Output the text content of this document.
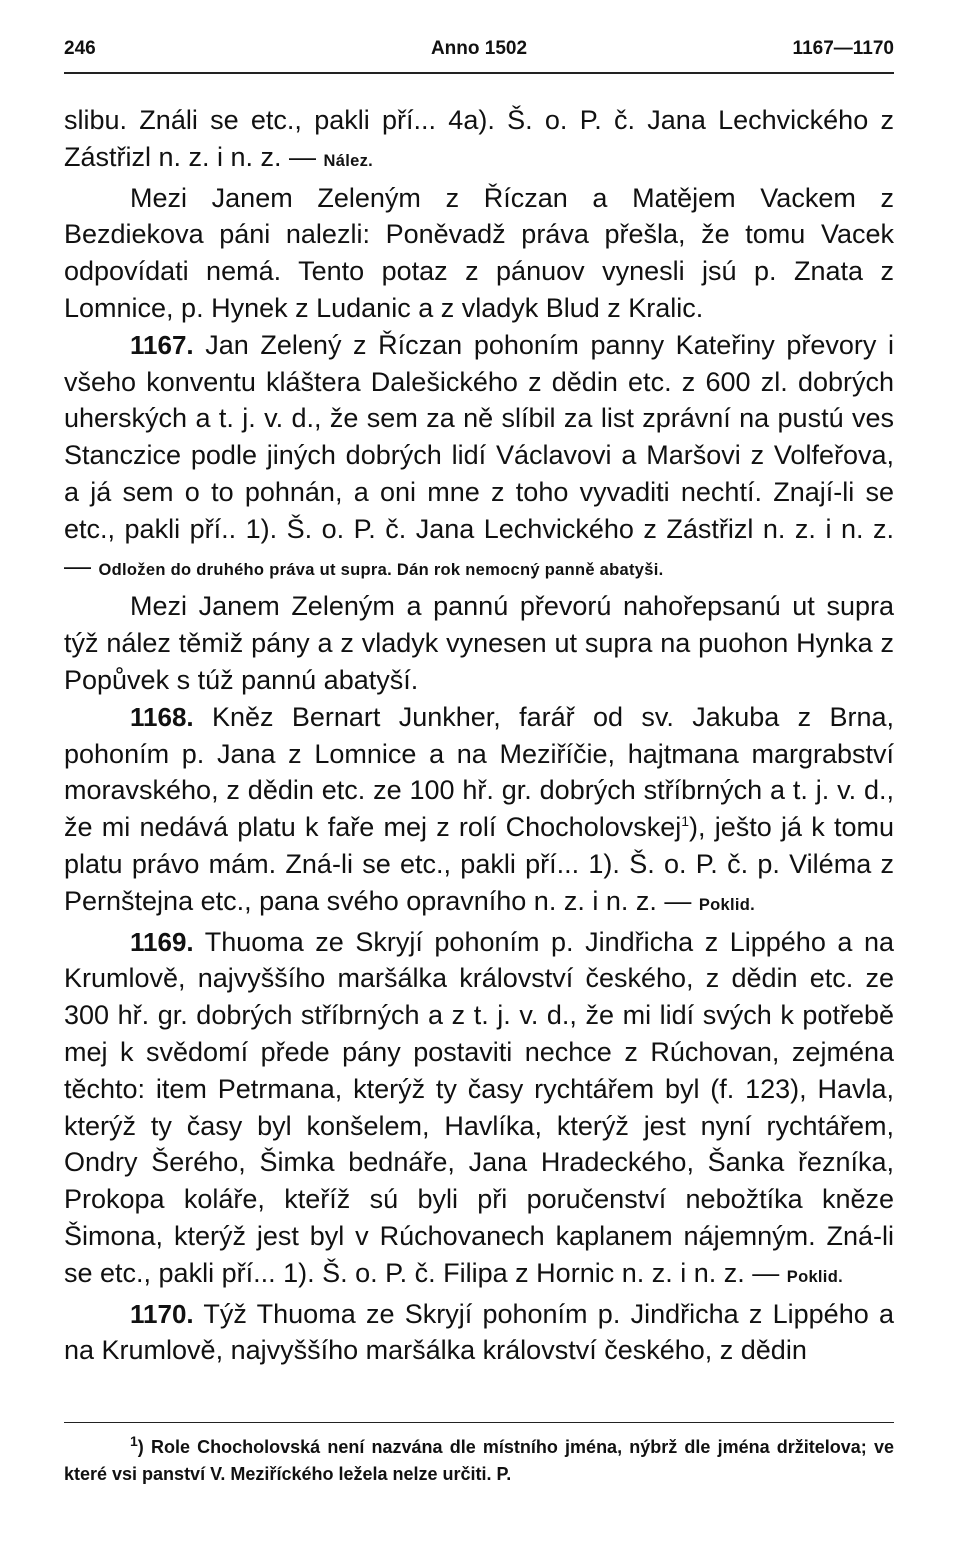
246	Anno 1502	1167—1170

slibu. Ználi se etc., pakli pří... 4a). Š. o. P. č. Jana Lechvického z Zástřizl n. z. i n. z. — Nález.

Mezi Janem Zeleným z Říczan a Matějem Vackem z Bezdiekova páni nalezli: Poněvadž práva přešla, že tomu Vacek odpovídati nemá. Tento potaz z pánuov vynesli jsú p. Znata z Lomnice, p. Hynek z Ludanic a z vladyk Blud z Kralic.

1167. Jan Zelený z Říczan pohoním panny Kateřiny převory i všeho konventu kláštera Dalešického z dědin etc. z 600 zl. dobrých uherských a t. j. v. d., že sem za ně slíbil za list zprávní na pustú ves Stanczice podle jiných dobrých lidí Václavovi a Maršovi z Volfeřova, a já sem o to pohnán, a oni mne z toho vyvaditi nechtí. Znají-li se etc., pakli pří.. 1). Š. o. P. č. Jana Lechvického z Zástřizl n. z. i n. z. — Odložen do druhého práva ut supra. Dán rok nemocný panně abatyši.

Mezi Janem Zeleným a pannú převorú nahořepsanú ut supra týž nález těmiž pány a z vladyk vynesen ut supra na puohon Hynka z Popůvek s túž pannú abatyší.

1168. Kněz Bernart Junkher, farář od sv. Jakuba z Brna, pohoním p. Jana z Lomnice a na Meziříčie, hajtmana margrabství moravského, z dědin etc. ze 100 hř. gr. dobrých stříbrných a t. j. v. d., že mi nedává platu k faře mej z rolí Chocholovskej$^1$), ješto já k tomu platu právo mám. Zná-li se etc., pakli pří... 1). Š. o. P. č. p. Viléma z Pernštejna etc., pana svého opravního n. z. i n. z. — Poklid.

1169. Thuoma ze Skryjí pohoním p. Jindřicha z Lippého a na Krumlově, najvyššího maršálka království českého, z dědin etc. ze 300 hř. gr. dobrých stříbrných a z t. j. v. d., že mi lidí svých k potřebě mej k svědomí přede pány postaviti nechce z Rúchovan, zejména těchto: item Petrmana, kterýž ty časy rychtářem byl (f. 123), Havla, kterýž ty časy byl konšelem, Havlíka, kterýž jest nyní rychtářem, Ondry Šerého, Šimka bednáře, Jana Hradeckého, Šanka řezníka, Prokopa koláře, kteříž sú byli při poručenství nebožtíka kněze Šimona, kterýž jest byl v Rúchovanech kaplanem nájemným. Zná-li se etc., pakli pří... 1). Š. o. P. č. Filipa z Hornic n. z. i n. z. — Poklid.

1170. Týž Thuoma ze Skryjí pohoním p. Jindřicha z Lippého a na Krumlově, najvyššího maršálka království českého, z dědin

$^1$) Role Chocholovská není nazvána dle místního jména, nýbrž dle jména držitelova; ve které vsi panství V. Meziříckého ležela nelze určiti. P.
